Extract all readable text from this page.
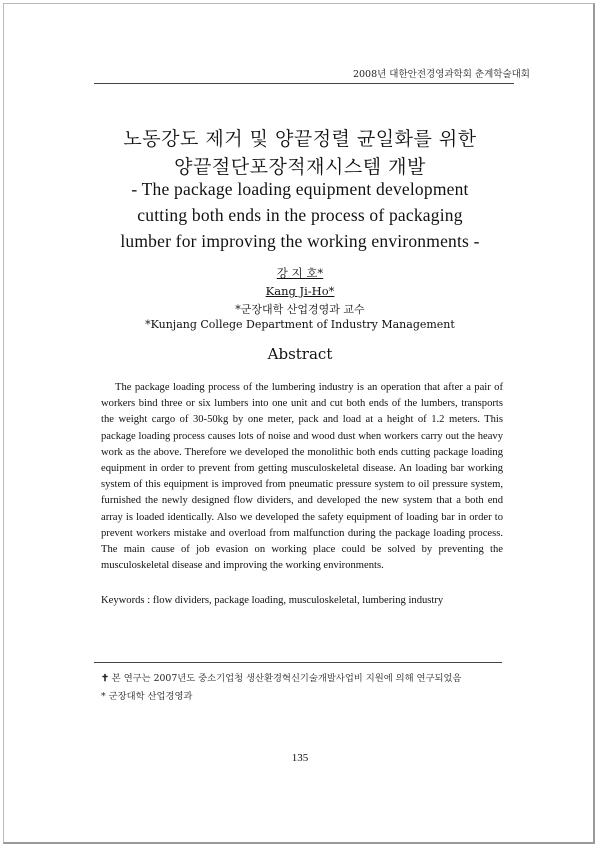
2008년 대한안전경영과학회 춘계학술대회
노동강도 제거 및 양끝정렬 균일화를 위한
양끝절단포장적재시스템 개발
- The package loading equipment development
cutting both ends in the process of packaging
lumber for improving the working environments -
강 지 호*
Kang Ji-Ho*
*군장대학 산업경영과 교수
*Kunjang College Department of Industry Management
Abstract

The package loading process of the lumbering industry is an operation that after a pair of workers bind three or six lumbers into one unit and cut both ends of the lumbers, transports the weight cargo of 30-50kg by one meter, pack and load at a height of 1.2 meters. This package loading process causes lots of noise and wood dust when workers carry out the heavy work as the above. Therefore we developed the monolithic both ends cutting package loading equipment in order to prevent from getting musculoskeletal disease. An loading bar working system of this equipment is improved from pneumatic pressure system to oil pressure system, furnished the newly designed flow dividers, and developed the new system that a both end array is loaded identically. Also we developed the safety equipment of loading bar in order to prevent workers mistake and overload from malfunction during the package loading process. The main cause of job evasion on working place could be solved by preventing the musculoskeletal disease and improving the working environments.

Keywords : flow dividers, package loading, musculoskeletal, lumbering industry
✝ 본 연구는 2007년도 중소기업청 생산환경혁신기술개발사업비 지원에 의해 연구되었음
* 군장대학 산업경영과
135
